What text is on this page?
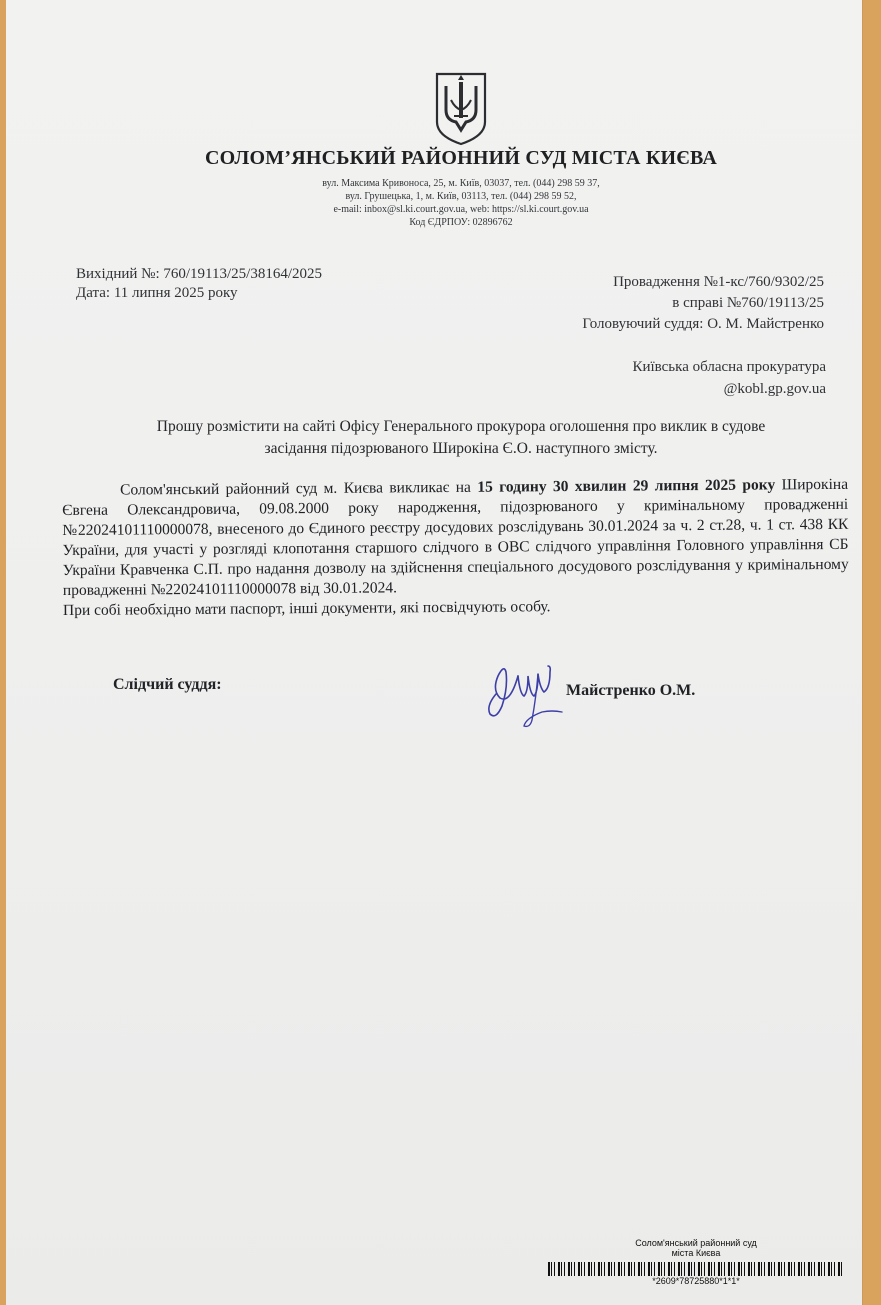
СОЛОМ’ЯНСЬКИЙ РАЙОННИЙ СУД МІСТА КИЄВА
вул. Максима Кривоноса, 25, м. Київ, 03037, тел. (044) 298 59 37,
вул. Грушецька, 1, м. Київ, 03113, тел. (044) 298 59 52,
e-mail: inbox@sl.ki.court.gov.ua, web: https://sl.ki.court.gov.ua
Код ЄДРПОУ: 02896762
Вихідний №: 760/19113/25/38164/2025
Дата: 11 липня 2025 року
Провадження №1-кс/760/9302/25
в справі №760/19113/25
Головуючий суддя: О. М. Майстренко
Київська обласна прокуратура
@kobl.gp.gov.ua
Прошу розмістити на сайті Офісу Генерального прокурора оголошення про виклик в судове
засідання підозрюваного Широкіна Є.О. наступного змісту.

Солом'янський районний суд м. Києва викликає на 15 годину 30 хвилин 29 липня 2025 року Широкіна Євгена Олександровича, 09.08.2000 року народження, підозрюваного у кримінальному провадженні №22024101110000078, внесеного до Єдиного реєстру досудових розслідувань 30.01.2024 за ч. 2 ст.28, ч. 1 ст. 438 КК України, для участі у розгляді клопотання старшого слідчого в ОВС слідчого управління Головного управління СБ України Кравченка С.П. про надання дозволу на здійснення спеціального досудового розслідування у кримінальному провадженні №22024101110000078 від 30.01.2024.

При собі необхідно мати паспорт, інші документи, які посвідчують особу.

Слідчий суддя:	Майстренко О.М.
Солом'янський районний суд
міста Києва
*2609*78725880*1*1*
